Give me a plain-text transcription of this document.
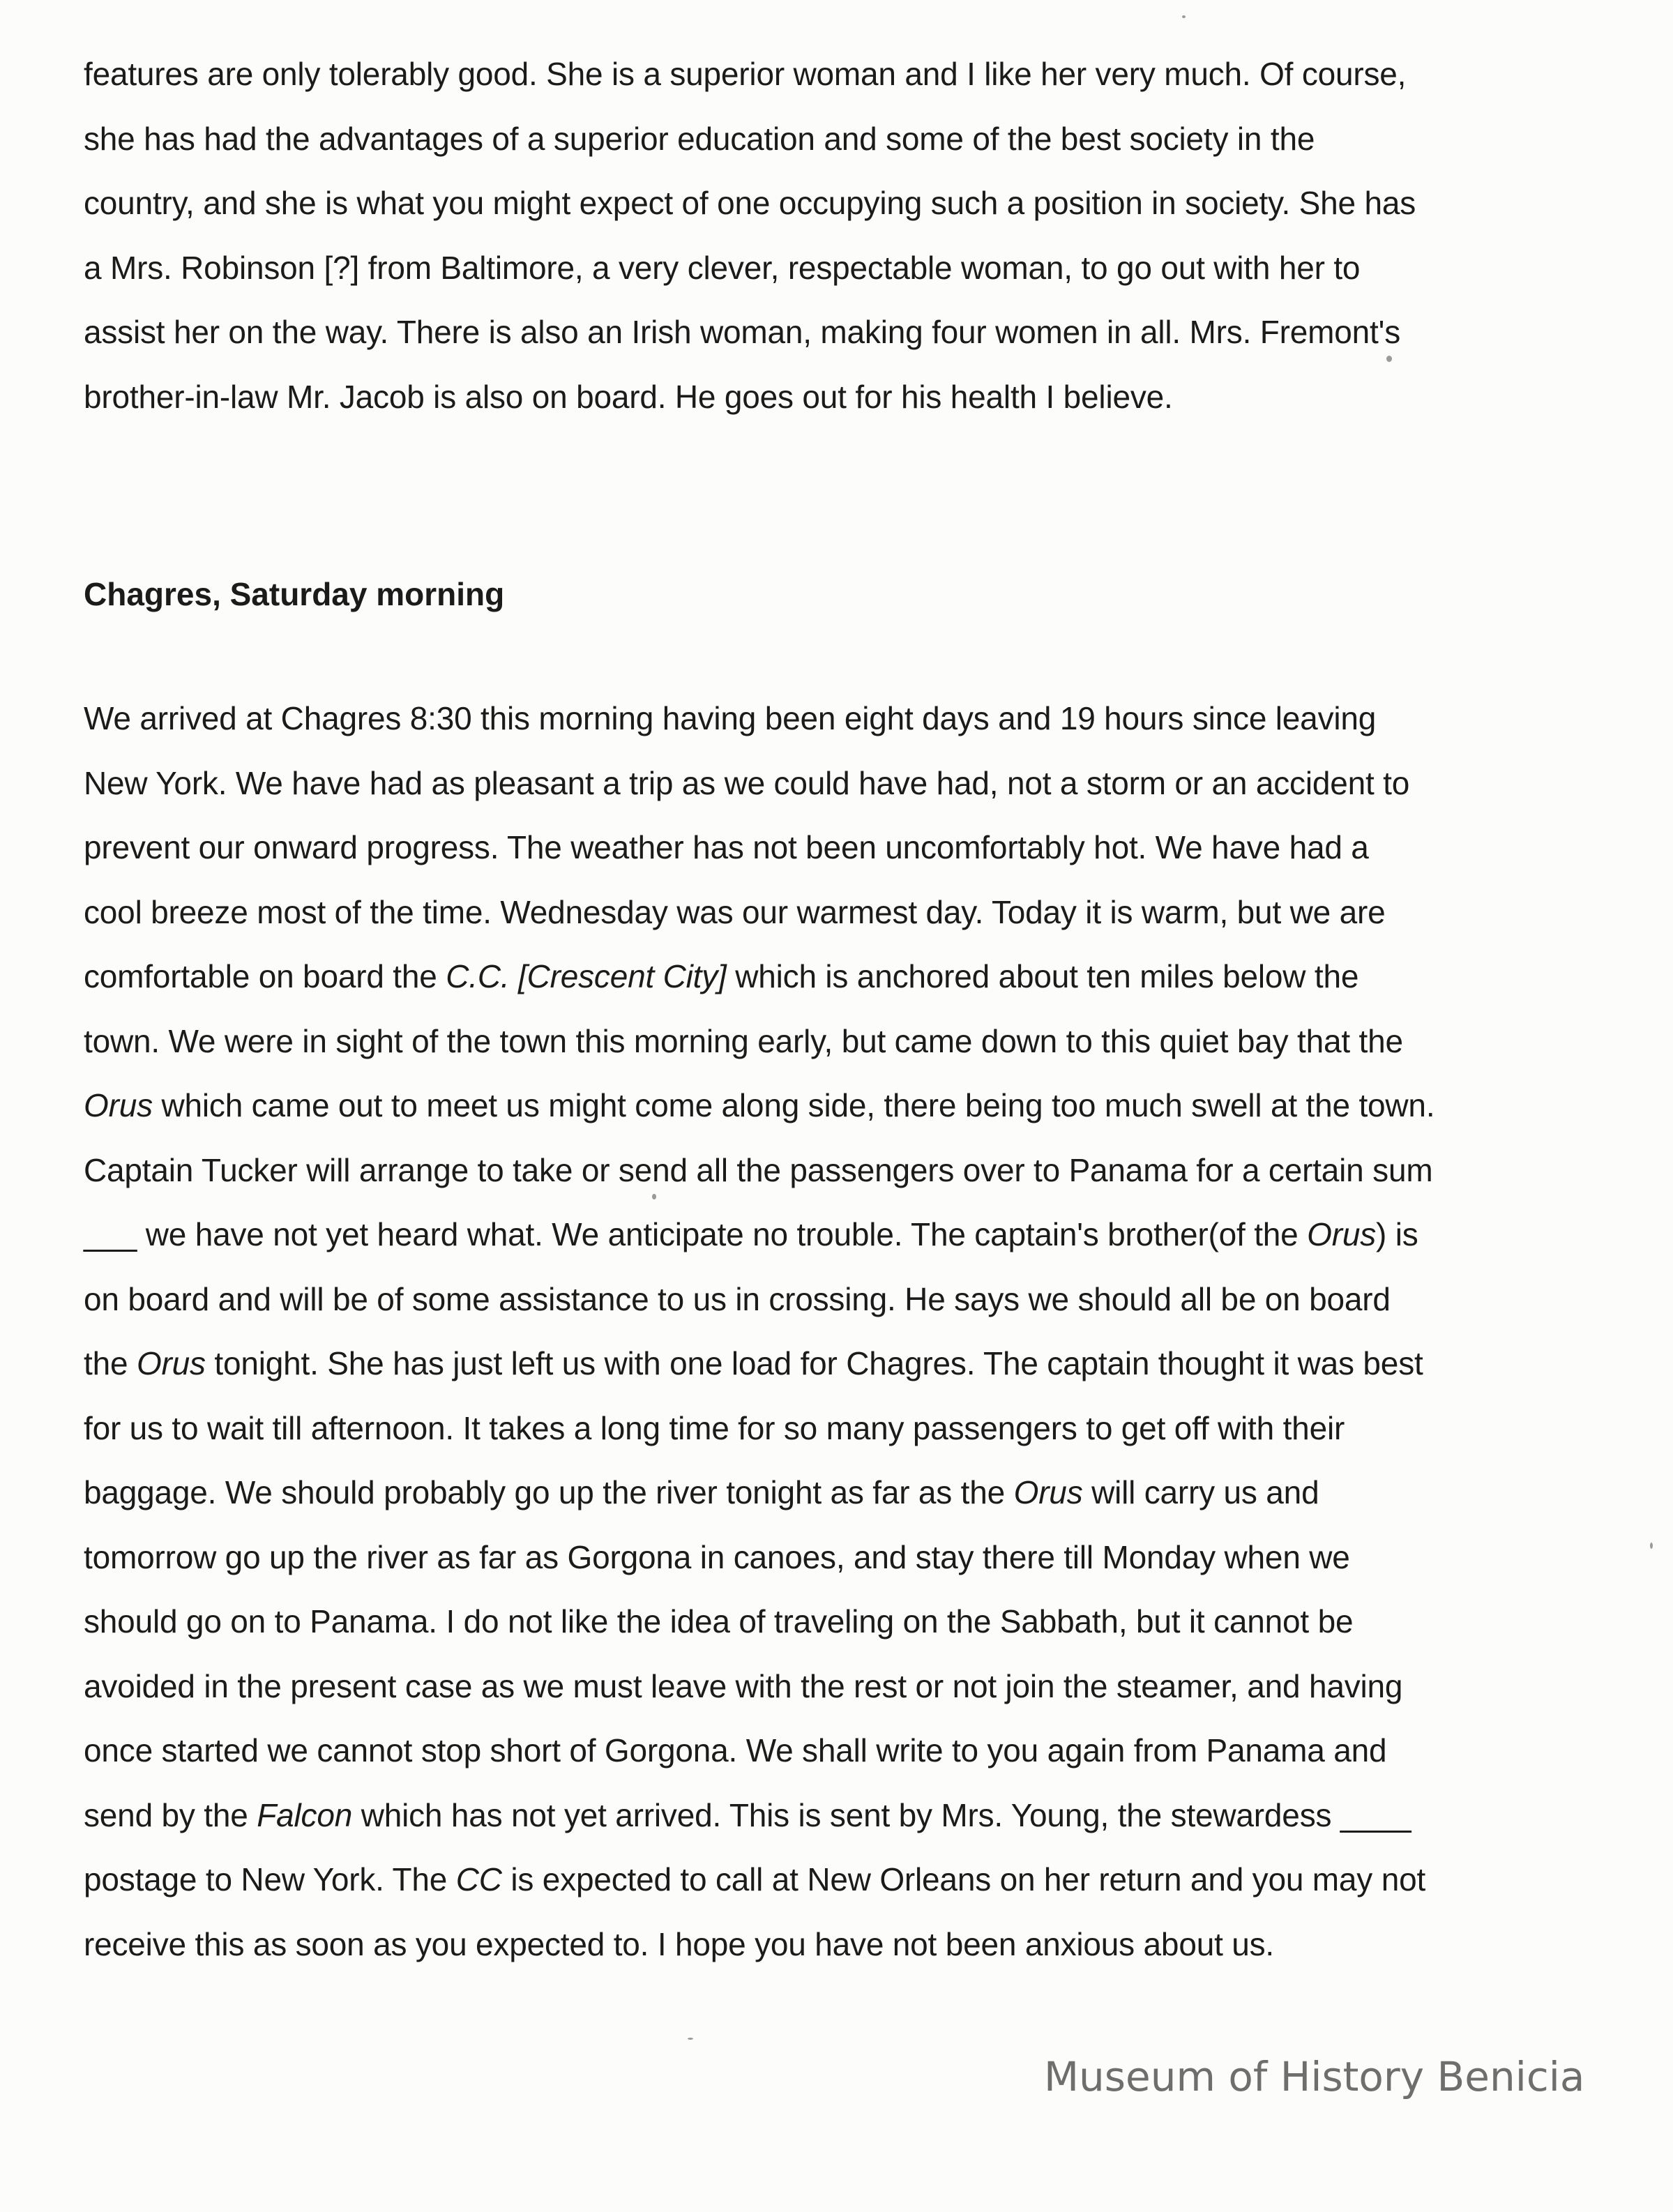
features are only tolerably good. She is a superior woman and I like her very much. Of course,
she has had the advantages of a superior education and some of the best society in the
country, and she is what you might expect of one occupying such a position in society. She has
a Mrs. Robinson [?] from Baltimore, a very clever, respectable woman, to go out with her to
assist her on the way. There is also an Irish woman, making four women in all. Mrs. Fremont's
brother-in-law Mr. Jacob is also on board. He goes out for his health I believe.
Chagres, Saturday morning
We arrived at Chagres 8:30 this morning having been eight days and 19 hours since leaving
New York. We have had as pleasant a trip as we could have had, not a storm or an accident to
prevent our onward progress. The weather has not been uncomfortably hot. We have had a
cool breeze most of the time. Wednesday was our warmest day. Today it is warm, but we are
comfortable on board the C.C. [Crescent City] which is anchored about ten miles below the
town. We were in sight of the town this morning early, but came down to this quiet bay that the
Orus which came out to meet us might come along side, there being too much swell at the town.
Captain Tucker will arrange to take or send all the passengers over to Panama for a certain sum
___ we have not yet heard what. We anticipate no trouble. The captain's brother(of the Orus) is
on board and will be of some assistance to us in crossing. He says we should all be on board
the Orus tonight. She has just left us with one load for Chagres. The captain thought it was best
for us to wait till afternoon. It takes a long time for so many passengers to get off with their
baggage. We should probably go up the river tonight as far as the Orus will carry us and
tomorrow go up the river as far as Gorgona in canoes, and stay there till Monday when we
should go on to Panama. I do not like the idea of traveling on the Sabbath, but it cannot be
avoided in the present case as we must leave with the rest or not join the steamer, and having
once started we cannot stop short of Gorgona. We shall write to you again from Panama and
send by the Falcon which has not yet arrived. This is sent by Mrs. Young, the stewardess ____
postage to New York. The CC is expected to call at New Orleans on her return and you may not
receive this as soon as you expected to. I hope you have not been anxious about us.
Museum of History Benicia
